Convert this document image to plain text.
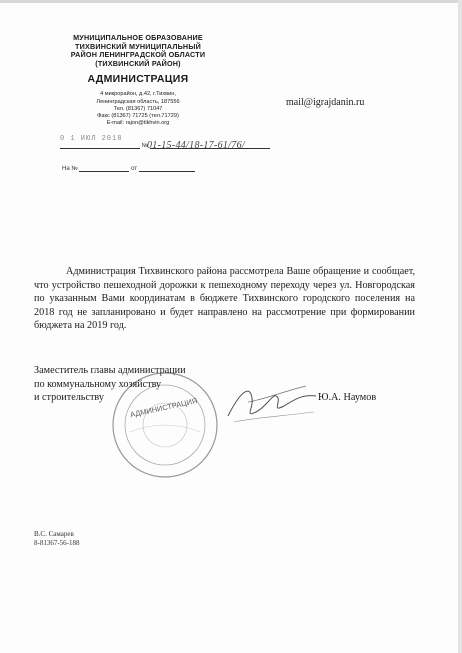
МУНИЦИПАЛЬНОЕ ОБРАЗОВАНИЕ
ТИХВИНСКИЙ МУНИЦИПАЛЬНЫЙ
РАЙОН ЛЕНИНГРАДСКОЙ ОБЛАСТИ
(ТИХВИНСКИЙ РАЙОН)
АДМИНИСТРАЦИЯ
4 микрорайон, д.42, г.Тихвин,
Ленинградская область, 187556
Тел. (81367) 71047
Факс (81367) 71725 (тел.71729)
E-mail: rajon@tikhvin.org
mail@igrajdanin.ru
0 1 ИЮЛ 2018
№
01-15-44/18-17-61/76/
На №	от
Администрация Тихвинского района рассмотрела Ваше обращение и сообщает, что устройство пешеходной дорожки к пешеходному переходу через ул. Новгородская по указанным Вами координатам в бюджете Тихвинского городского поселения на 2018 год не запланировано и будет направлено на рассмотрение при формировании бюджета на 2019 год.
АДМИНИСТРАЦИЯ
Заместитель главы администрации
по коммунальному хозяйству
и строительству	Ю.А. Наумов
В.С. Самарев
8-81367-56-188
